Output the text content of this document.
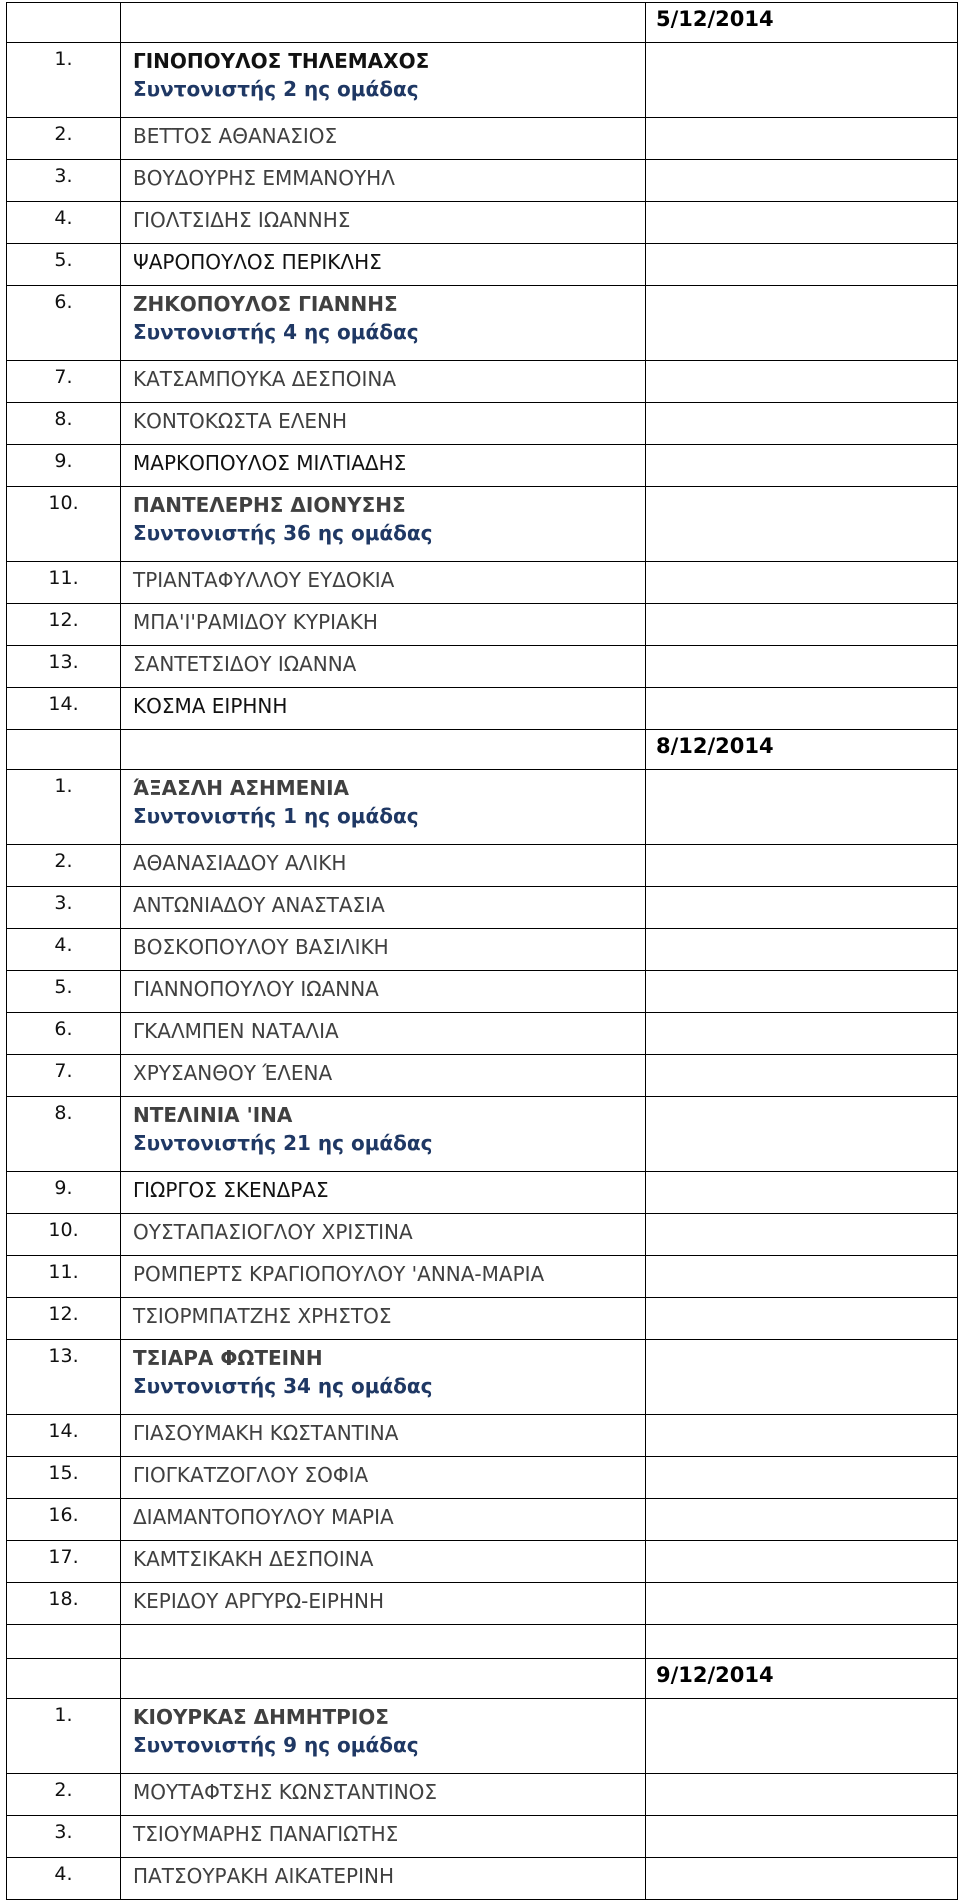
		5/12/2014
1.	ΓΙΝΟΠΟΥΛΟΣ ΤΗΛΕΜΑΧΟΣ
Συντονιστής 2 ης ομάδας	

2.	ΒΕΤΤΟΣ ΑΘΑΝΑΣΙΟΣ	
3.	ΒΟΥΔΟΥΡΗΣ ΕΜΜΑΝΟΥΗΛ	
4.	ΓΙΟΛΤΣΙΔΗΣ ΙΩΑΝΝΗΣ	
5.	ΨΑΡΟΠΟΥΛΟΣ ΠΕΡΙΚΛΗΣ	
6.	ΖΗΚΟΠΟΥΛΟΣ ΓΙΑΝΝΗΣ
Συντονιστής 4 ης ομάδας	

7.	ΚΑΤΣΑΜΠΟΥΚΑ ΔΕΣΠΟΙΝΑ	
8.	ΚΟΝΤΟΚΩΣΤΑ ΕΛΕΝΗ	
9.	ΜΑΡΚΟΠΟΥΛΟΣ ΜΙΛΤΙΑΔΗΣ	
10.	ΠΑΝΤΕΛΕΡΗΣ ΔΙΟΝΥΣΗΣ
Συντονιστής 36 ης ομάδας	

11.	ΤΡΙΑΝΤΑΦΥΛΛΟΥ ΕΥΔΟΚΙΑ	
12.	ΜΠΑ'Ι'ΡΑΜΙΔΟΥ ΚΥΡΙΑΚΗ	
13.	ΣΑΝΤΕΤΣΙΔΟΥ ΙΩΑΝΝΑ	
14.	ΚΟΣΜΑ ΕΙΡΗΝΗ	
		8/12/2014
1.	ΆΞΑΣΛΗ ΑΣΗΜΕΝΙΑ
Συντονιστής 1 ης ομάδας	

2.	ΑΘΑΝΑΣΙΑΔΟΥ ΑΛΙΚΗ	
3.	ΑΝΤΩΝΙΑΔΟΥ ΑΝΑΣΤΑΣΙΑ	
4.	ΒΟΣΚΟΠΟΥΛΟΥ ΒΑΣΙΛΙΚΗ	
5.	ΓΙΑΝΝΟΠΟΥΛΟΥ ΙΩΑΝΝΑ	
6.	ΓΚΑΛΜΠΕΝ ΝΑΤΑΛΙΑ	
7.	ΧΡΥΣΑΝΘΟΥ ΈΛΕΝΑ	
8.	ΝΤΕΛΙΝΙΑ 'ΙΝΑ
Συντονιστής 21 ης ομάδας	

9.	ΓΙΩΡΓΟΣ ΣΚΕΝΔΡΑΣ	
10.	ΟΥΣΤΑΠΑΣΙΟΓΛΟΥ ΧΡΙΣΤΙΝΑ	
11.	ΡΟΜΠΕΡΤΣ ΚΡΑΓΙΟΠΟΥΛΟΥ 'ΑΝΝΑ-ΜΑΡΙΑ	
12.	ΤΣΙΟΡΜΠΑΤΖΗΣ ΧΡΗΣΤΟΣ	
13.	ΤΣΙΑΡΑ ΦΩΤΕΙΝΗ
Συντονιστής 34 ης ομάδας	

14.	ΓΙΑΣΟΥΜΑΚΗ ΚΩΣΤΑΝΤΙΝΑ	
15.	ΓΙΟΓΚΑΤΖΟΓΛΟΥ ΣΟΦΙΑ	
16.	ΔΙΑΜΑΝΤΟΠΟΥΛΟΥ ΜΑΡΙΑ	
17.	ΚΑΜΤΣΙΚΑΚΗ ΔΕΣΠΟΙΝΑ	
18.	ΚΕΡΙΔΟΥ ΑΡΓΥΡΩ-ΕΙΡΗΝΗ	

		9/12/2014
1.	ΚΙΟΥΡΚΑΣ ΔΗΜΗΤΡΙΟΣ
Συντονιστής 9 ης ομάδας	

2.	ΜΟΥΤΑΦΤΣΗΣ ΚΩΝΣΤΑΝΤΙΝΟΣ	
3.	ΤΣΙΟΥΜΑΡΗΣ ΠΑΝΑΓΙΩΤΗΣ	
4.	ΠΑΤΣΟΥΡΑΚΗ ΑΙΚΑΤΕΡΙΝΗ	
